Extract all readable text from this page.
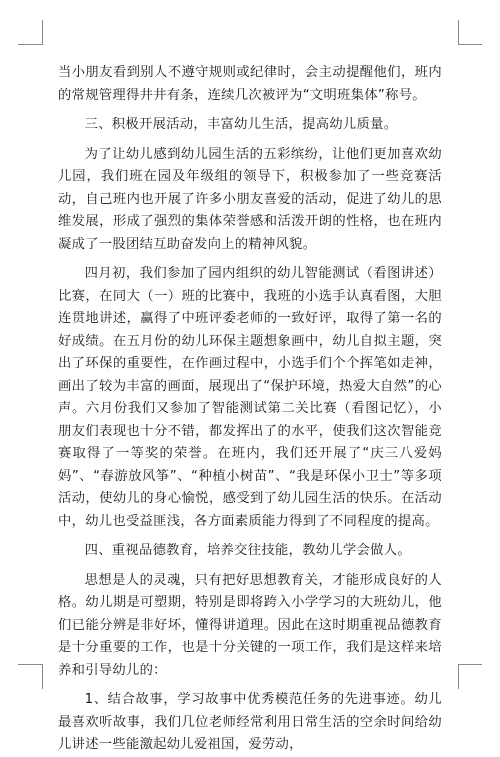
当小朋友看到别人不遵守规则或纪律时，会主动提醒他们，班内的常规管理得井井有条，连续几次被评为“文明班集体”称号。

三、积极开展活动，丰富幼儿生活，提高幼儿质量。

为了让幼儿感到幼儿园生活的五彩缤纷，让他们更加喜欢幼儿园，我们班在园及年级组的领导下，积极参加了一些竞赛活动，自己班内也开展了许多小朋友喜爱的活动，促进了幼儿的思维发展，形成了强烈的集体荣誉感和活泼开朗的性格，也在班内凝成了一股团结互助奋发向上的精神风貌。

四月初，我们参加了园内组织的幼儿智能测试（看图讲述）比赛，在同大（一）班的比赛中，我班的小选手认真看图，大胆连贯地讲述，赢得了中班评委老师的一致好评，取得了第一名的好成绩。在五月份的幼儿环保主题想象画中，幼儿自拟主题，突出了环保的重要性，在作画过程中，小选手们个个挥笔如走神，画出了较为丰富的画面，展现出了“保护环境，热爱大自然”的心声。六月份我们又参加了智能测试第二关比赛（看图记忆），小朋友们表现也十分不错，都发挥出了的水平，使我们这次智能竞赛取得了一等奖的荣誉。在班内，我们还开展了“庆三八爱妈妈”、“春游放风筝”、“种植小树苗”、“我是环保小卫士”等多项活动，使幼儿的身心愉悦，感受到了幼儿园生活的快乐。在活动中，幼儿也受益匪浅，各方面素质能力得到了不同程度的提高。

四、重视品德教育，培养交往技能，教幼儿学会做人。

思想是人的灵魂，只有把好思想教育关，才能形成良好的人格。幼儿期是可塑期，特别是即将跨入小学学习的大班幼儿，他们已能分辨是非好坏，懂得讲道理。因此在这时期重视品德教育是十分重要的工作，也是十分关键的一项工作，我们是这样来培养和引导幼儿的：

1、结合故事，学习故事中优秀模范任务的先进事迹。幼儿最喜欢听故事，我们几位老师经常利用日常生活的空余时间给幼儿讲述一些能激起幼儿爱祖国，爱劳动，
